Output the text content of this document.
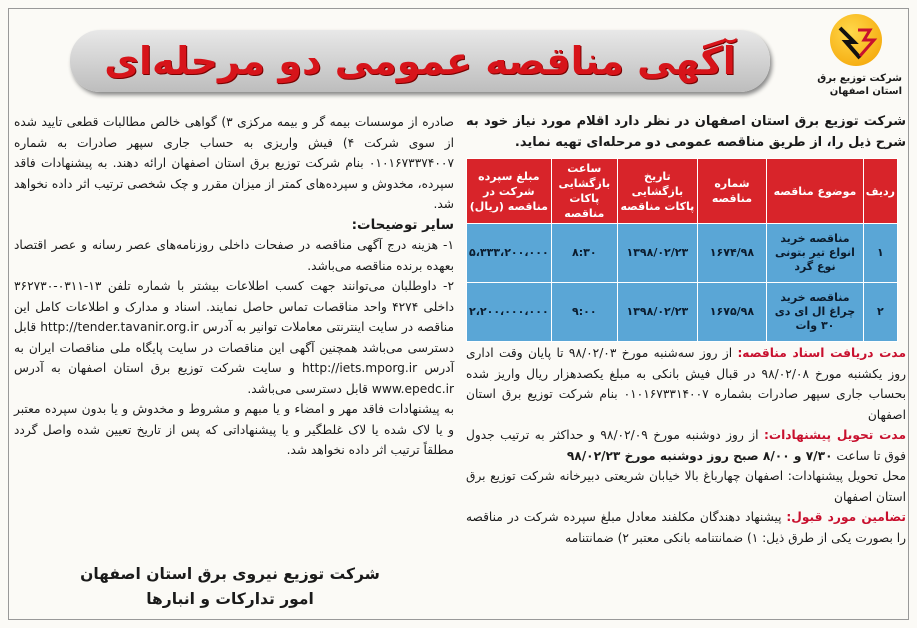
شرکت توزیع برق استان اصفهان
آگهی مناقصه عمومی دو مرحله‌ای

شرکت توزیع برق استان اصفهان در نظر دارد اقلام مورد نیاز خود به شرح ذیل را، از طریق مناقصه عمومی دو مرحله‌ای تهیه نماید.

مدت دریافت اسناد مناقصه: از روز سه‌شنبه مورخ ۹۸/۰۲/۰۳ تا پایان وقت اداری روز یکشنبه مورخ ۹۸/۰۲/۰۸ در قبال فیش بانکی به مبلغ یکصدهزار ریال واریز شده بحساب جاری سپهر صادرات بشماره ۰۱۰۱۶۷۳۳۱۴۰۰۷ بنام شرکت توزیع برق استان اصفهان

مدت تحویل پیشنهادات: از روز دوشنبه مورخ ۹۸/۰۲/۰۹ و حداکثر به ترتیب جدول فوق تا ساعت ۷/۳۰ و ۸/۰۰ صبح روز دوشنبه مورخ ۹۸/۰۲/۲۳

محل تحویل پیشنهادات: اصفهان چهارباغ بالا خیابان شریعتی دبیرخانه شرکت توزیع برق استان اصفهان

تضامین مورد قبول: پیشنهاد دهندگان مکلفند معادل مبلغ سپرده شرکت در مناقصه را بصورت یکی از طرق ذیل: ۱) ضمانتنامه بانکی معتبر ۲) ضمانتنامه

ردیف	موضوع مناقصه	شماره مناقصه	تاریخ بازگشایی پاکات مناقصه	ساعت بازگشایی پاکات مناقصه	مبلغ سپرده شرکت در مناقصه (ریال)
۱	مناقصه خرید انواع تیر بتونی نوع گرد	۱۶۷۴/۹۸	۱۳۹۸/۰۲/۲۳	۸:۳۰	۵،۳۳۳،۲۰۰،۰۰۰
۲	مناقصه خرید چراغ ال ای دی ۳۰ وات	۱۶۷۵/۹۸	۱۳۹۸/۰۲/۲۳	۹:۰۰	۲،۲۰۰،۰۰۰،۰۰۰

صادره از موسسات بیمه گر و بیمه مرکزی ۳) گواهی خالص مطالبات قطعی تایید شده از سوی شرکت ۴) فیش واریزی به حساب جاری سپهر صادرات به شماره ۰۱۰۱۶۷۳۳۷۴۰۰۷ بنام شرکت توزیع برق استان اصفهان ارائه دهند. به پیشنهادات فاقد سپرده، مخدوش و سپرده‌های کمتر از میزان مقرر و چک شخصی ترتیب اثر داده نخواهد شد.

سایر توضیحات:

۱- هزینه درج آگهی مناقصه در صفحات داخلی روزنامه‌های عصر رسانه و عصر اقتصاد بعهده برنده مناقصه می‌باشد.

۲- داوطلبان می‌توانند جهت کسب اطلاعات بیشتر با شماره تلفن ۱۳-۰۳۱۱-۳۶۲۷۳۰ داخلی ۴۲۷۴ واحد مناقصات تماس حاصل نمایند. اسناد و مدارک و اطلاعات کامل این مناقصه در سایت اینترنتی معاملات توانیر به آدرس http://tender.tavanir.org.ir قابل دسترسی می‌باشد همچنین آگهی این مناقصات در سایت پایگاه ملی مناقصات ایران به آدرس http://iets.mporg.ir و سایت شرکت توزیع برق استان اصفهان به آدرس www.epedc.ir قابل دسترسی می‌باشد.

به پیشنهادات فاقد مهر و امضاء و یا مبهم و مشروط و مخدوش و یا بدون سپرده معتبر و یا لاک شده یا لاک غلطگیر و یا پیشنهاداتی که پس از تاریخ تعیین شده واصل گردد مطلقاً ترتیب اثر داده نخواهد شد.

شرکت توزیع نیروی برق استان اصفهان
امور تدارکات و انبارها
